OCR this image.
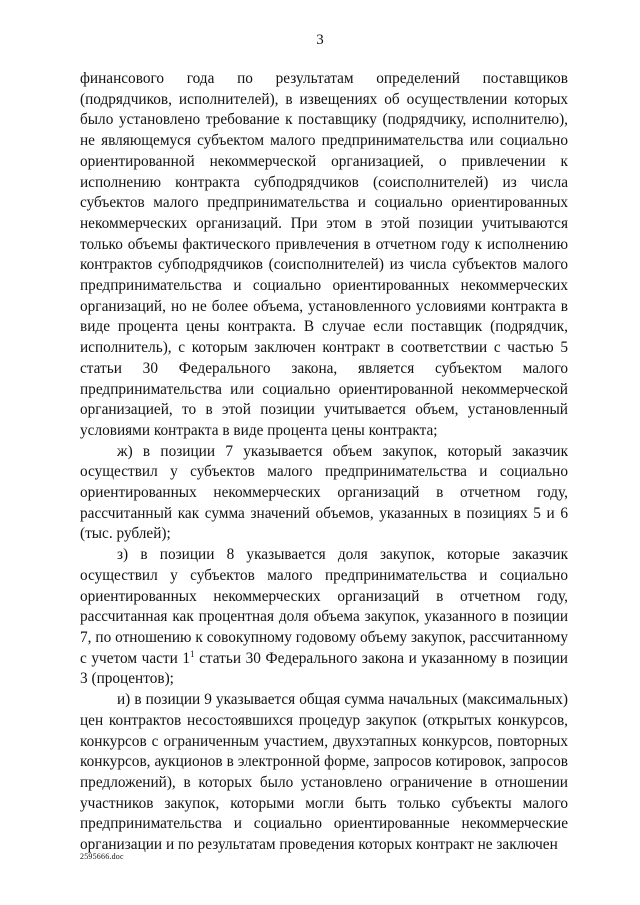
3

финансового года по результатам определений поставщиков (подрядчиков, исполнителей), в извещениях об осуществлении которых было установлено требование к поставщику (подрядчику, исполнителю), не являющемуся субъектом малого предпринимательства или социально ориентированной некоммерческой организацией, о привлечении к исполнению контракта субподрядчиков (соисполнителей) из числа субъектов малого предпринимательства и социально ориентированных некоммерческих организаций. При этом в этой позиции учитываются только объемы фактического привлечения в отчетном году к исполнению контрактов субподрядчиков (соисполнителей) из числа субъектов малого предпринимательства и социально ориентированных некоммерческих организаций, но не более объема, установленного условиями контракта в виде процента цены контракта. В случае если поставщик (подрядчик, исполнитель), с которым заключен контракт в соответствии с частью 5 статьи 30 Федерального закона, является субъектом малого предпринимательства или социально ориентированной некоммерческой организацией, то в этой позиции учитывается объем, установленный условиями контракта в виде процента цены контракта;

ж) в позиции 7 указывается объем закупок, который заказчик осуществил у субъектов малого предпринимательства и социально ориентированных некоммерческих организаций в отчетном году, рассчитанный как сумма значений объемов, указанных в позициях 5 и 6 (тыс. рублей);

з) в позиции 8 указывается доля закупок, которые заказчик осуществил у субъектов малого предпринимательства и социально ориентированных некоммерческих организаций в отчетном году, рассчитанная как процентная доля объема закупок, указанного в позиции 7, по отношению к совокупному годовому объему закупок, рассчитанному с учетом части $1^1$ статьи 30 Федерального закона и указанному в позиции 3 (процентов);

и) в позиции 9 указывается общая сумма начальных (максимальных) цен контрактов несостоявшихся процедур закупок (открытых конкурсов, конкурсов с ограниченным участием, двухэтапных конкурсов, повторных конкурсов, аукционов в электронной форме, запросов котировок, запросов предложений), в которых было установлено ограничение в отношении участников закупок, которыми могли быть только субъекты малого предпринимательства и социально ориентированные некоммерческие организации и по результатам проведения которых контракт не заключен

2595666.doc
